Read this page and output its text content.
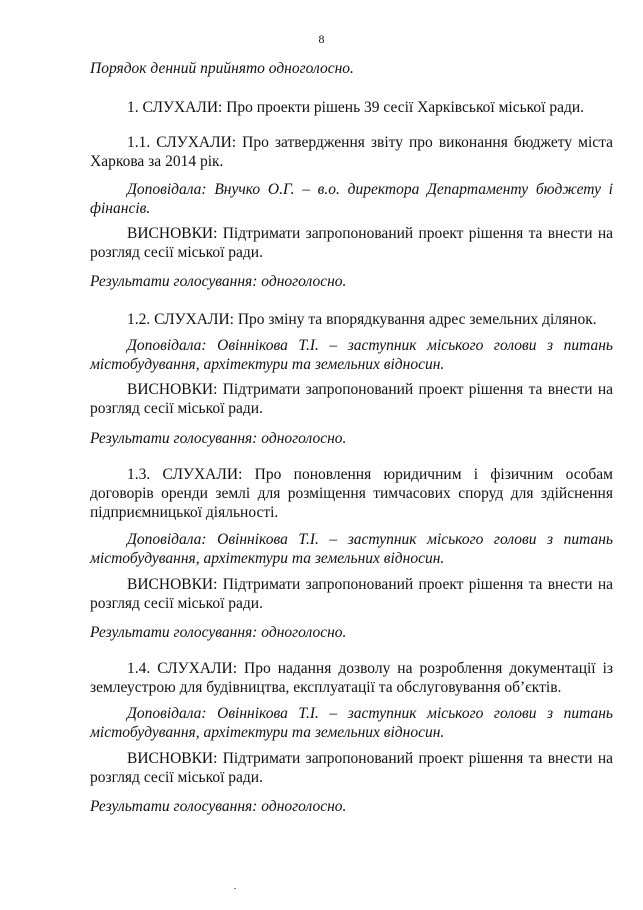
8
Порядок денний прийнято одноголосно.
1. СЛУХАЛИ: Про проекти рішень 39 сесії Харківської міської ради.
1.1. СЛУХАЛИ: Про затвердження звіту про виконання бюджету міста Харкова за 2014 рік.
Доповідала: Внучко О.Г. – в.о. директора Департаменту бюджету і фінансів.
ВИСНОВКИ: Підтримати запропонований проект рішення та внести на розгляд сесії міської ради.
Результати голосування: одноголосно.
1.2. СЛУХАЛИ: Про зміну та впорядкування адрес земельних ділянок.
Доповідала: Овіннікова Т.І. – заступник міського голови з питань містобудування, архітектури та земельних відносин.
ВИСНОВКИ: Підтримати запропонований проект рішення та внести на розгляд сесії міської ради.
Результати голосування: одноголосно.
1.3. СЛУХАЛИ: Про поновлення юридичним і фізичним особам договорів оренди землі для розміщення тимчасових споруд для здійснення підприємницької діяльності.
Доповідала: Овіннікова Т.І. – заступник міського голови з питань містобудування, архітектури та земельних відносин.
ВИСНОВКИ: Підтримати запропонований проект рішення та внести на розгляд сесії міської ради.
Результати голосування: одноголосно.
1.4. СЛУХАЛИ: Про надання дозволу на розроблення документації із землеустрою для будівництва, експлуатації та обслуговування об’єктів.
Доповідала: Овіннікова Т.І. – заступник міського голови з питань містобудування, архітектури та земельних відносин.
ВИСНОВКИ: Підтримати запропонований проект рішення та внести на розгляд сесії міської ради.
Результати голосування: одноголосно.
